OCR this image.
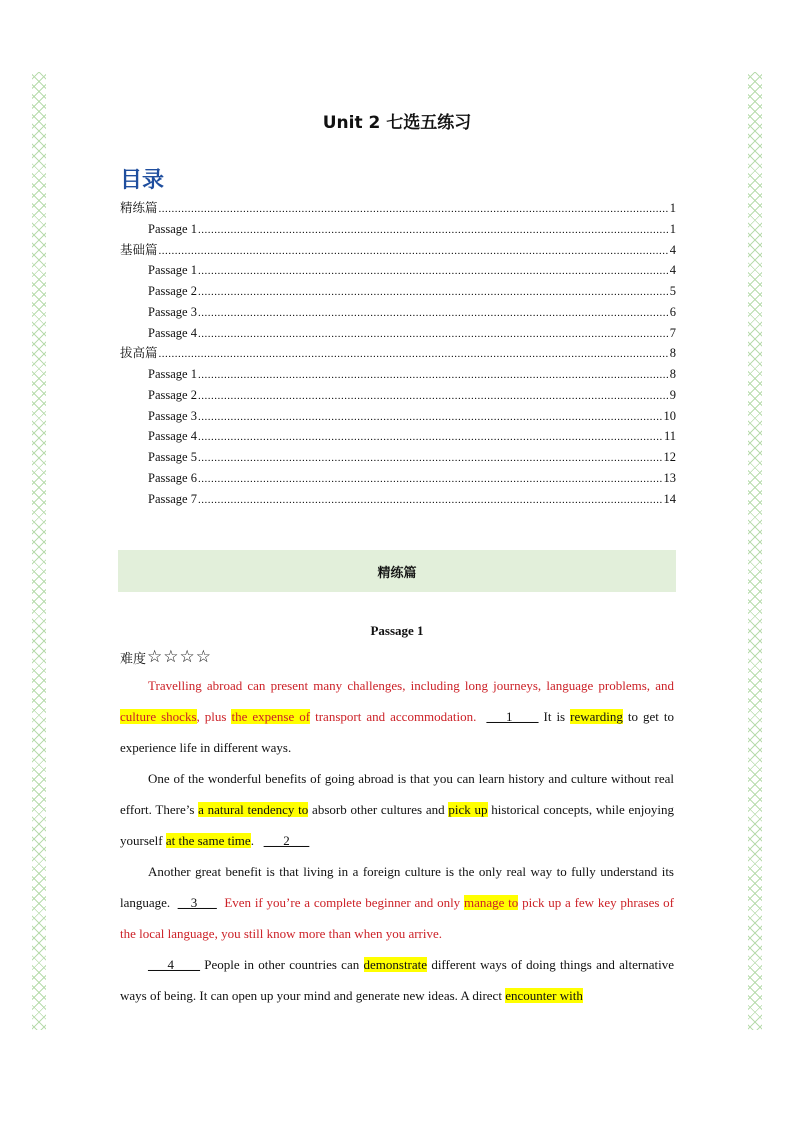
Unit 2 七选五练习
目录
精练篇 .....	1
Passage 1 .....	1
基础篇 .....	4
Passage 1 .....	4
Passage 2 .....	5
Passage 3 .....	6
Passage 4 .....	7
拔高篇 .....	8
Passage 1 .....	8
Passage 2 .....	9
Passage 3 .....	10
Passage 4 .....	11
Passage 5 .....	12
Passage 6 .....	13
Passage 7 .....	14
精练篇
Passage 1
难度 ☆☆☆☆

Travelling abroad can present many challenges, including long journeys, language problems, and culture shocks, plus the expense of transport and accommodation. ___1____ It is rewarding to get to experience life in different ways.

One of the wonderful benefits of going abroad is that you can learn history and culture without real effort. There’s a natural tendency to absorb other cultures and pick up historical concepts, while enjoying yourself at the same time. ___2___

Another great benefit is that living in a foreign culture is the only real way to fully understand its language. __3___ Even if you’re a complete beginner and only manage to pick up a few key phrases of the local language, you still know more than when you arrive.

___4____ People in other countries can demonstrate different ways of doing things and alternative ways of being. It can open up your mind and generate new ideas. A direct encounter with
